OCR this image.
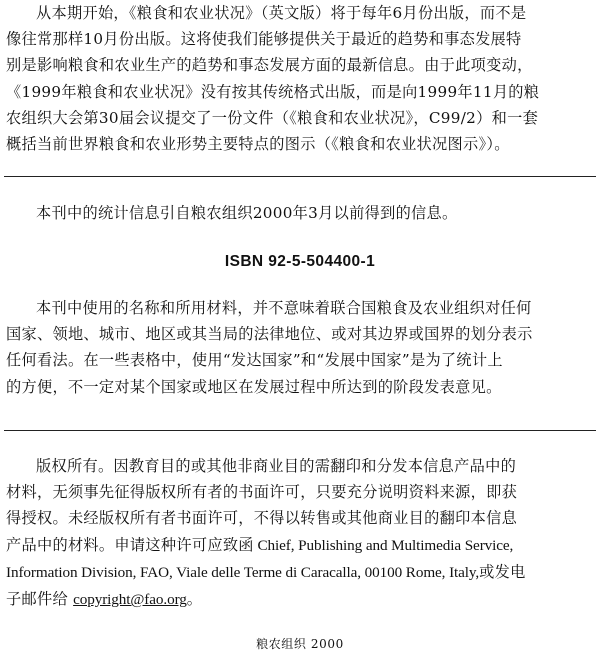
从本期开始，《粮食和农业状况》（英文版）将于每年6月份出版，而不是
像往常那样10月份出版。这将使我们能够提供关于最近的趋势和事态发展特
别是影响粮食和农业生产的趋势和事态发展方面的最新信息。由于此项变动，
《1999年粮食和农业状况》没有按其传统格式出版，而是向1999年11月的粮
农组织大会第30届会议提交了一份文件（《粮食和农业状况》，C99/2）和一套
概括当前世界粮食和农业形势主要特点的图示（《粮食和农业状况图示》）。
本刊中的统计信息引自粮农组织2000年3月以前得到的信息。
ISBN 92-5-504400-1
本刊中使用的名称和所用材料，并不意味着联合国粮食及农业组织对任何
国家、领地、城市、地区或其当局的法律地位、或对其边界或国界的划分表示
任何看法。在一些表格中，使用“发达国家”和“发展中国家”是为了统计上
的方便，不一定对某个国家或地区在发展过程中所达到的阶段发表意见。
版权所有。因教育目的或其他非商业目的需翻印和分发本信息产品中的
材料，无须事先征得版权所有者的书面许可，只要充分说明资料来源，即获
得授权。未经版权所有者书面许可，不得以转售或其他商业目的翻印本信息
产品中的材料。申请这种许可应致函 Chief, Publishing and Multimedia Service,
Information Division, FAO, Viale delle Terme di Caracalla, 00100 Rome, Italy,或发电
子邮件给 copyright@fao.org。
粮农组织 2000
